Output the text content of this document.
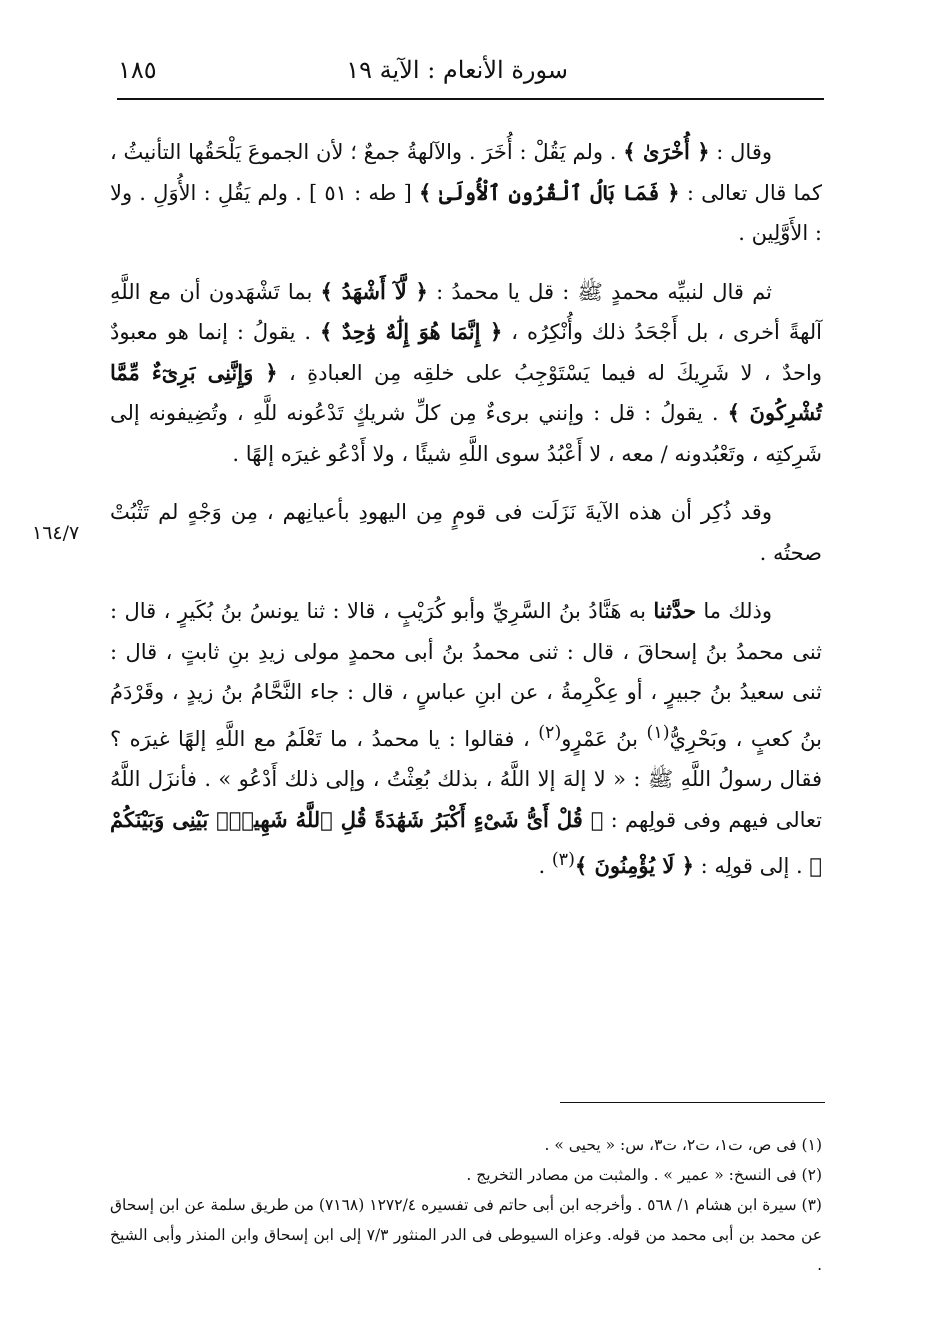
١٨٥	سورة الأنعام : الآية ١٩
١٦٤/٧

وقال : ﴿ أُخْرَىٰ ﴾ . ولم يَقُلْ : أُخَرَ . والآلهةُ جمعٌ ؛ لأن الجموعَ يَلْحَقُها التأنيثُ ، كما قال تعالى : ﴿ فَمَا بَالُ ٱلْقُرُونِ ٱلْأُولَىٰ ﴾ [ طه : ٥١ ] . ولم يَقُلِ : الأُوَلِ . ولا : الأَوَّلِين .

ثم قال لنبيِّه محمدٍ ﷺ : قل يا محمدُ : ﴿ لَّآ أَشْهَدُ ﴾ بما تَشْهَدون أن مع اللَّهِ آلهةً أخرى ، بل أَجْحَدُ ذلك وأُنْكِرُه ، ﴿ إِنَّمَا هُوَ إِلَٰهٌ وَٰحِدٌ ﴾ . يقولُ : إنما هو معبودٌ واحدٌ ، لا شَرِيكَ له فيما يَسْتَوْجِبُ على خلقِه مِن العبادةِ ، ﴿ وَإِنَّنِى بَرِىٓءٌ مِّمَّا تُشْرِكُونَ ﴾ . يقولُ : قل : وإنني برىءٌ مِن كلِّ شريكٍ تَدْعُونه للَّهِ ، وتُضِيفونه إلى شَرِكتِه ، وتَعْبُدونه / معه ، لا أَعْبُدُ سوى اللَّهِ شيئًا ، ولا أَدْعُو غيرَه إلهًا .

وقد ذُكِر أن هذه الآيةَ نَزَلَت فى قومٍ مِن اليهودِ بأعيانِهم ، مِن وَجْهٍ لم تَثْبُتْ صحتُه .

وذلك ما حدَّثنا به هَنَّادُ بنُ السَّرِيِّ وأبو كُرَيْبٍ ، قالا : ثنا يونسُ بنُ بُكَيرٍ ، قال : ثنى محمدُ بنُ إسحاقَ ، قال : ثنى محمدُ بنُ أبى محمدٍ مولى زيدِ بنِ ثابتٍ ، قال : ثنى سعيدُ بنُ جبيرٍ ، أو عِكْرِمةُ ، عن ابنِ عباسٍ ، قال : جاء النَّحَّامُ بنُ زيدٍ ، وقَرْدَمُ بنُ كعبٍ ، وبَحْرِيُّ$^{(١)}$ بنُ عَمْرٍو$^{(٢)}$ ، فقالوا : يا محمدُ ، ما تَعْلَمُ مع اللَّهِ إلهًا غيرَه ؟ فقال رسولُ اللَّهِ ﷺ : « لا إلهَ إلا اللَّهُ ، بذلك بُعِثْتُ ، وإلى ذلك أَدْعُو » . فأنزَل اللَّهُ تعالى فيهم وفى قولِهم : ﴿ قُلْ أَىُّ شَىْءٍ أَكْبَرُ شَهَٰدَةً قُلِ ٱللَّهُ شَهِيدٌۢ بَيْنِى وَبَيْنَكُمْ ﴾ . إلى قولِه : ﴿ لَا يُؤْمِنُونَ ﴾$^{(٣)}$ .

(١) فى ص، ت١، ت٢، ت٣، س: « يحيى » .

(٢) فى النسخ: « عمير » . والمثبت من مصادر التخريج .

(٣) سيرة ابن هشام ١/ ٥٦٨ . وأخرجه ابن أبى حاتم فى تفسيره ١٢٧٢/٤ (٧١٦٨) من طريق سلمة عن ابن إسحاق عن محمد بن أبى محمد من قوله. وعزاه السيوطى فى الدر المنثور ٧/٣ إلى ابن إسحاق وابن المنذر وأبى الشيخ .
